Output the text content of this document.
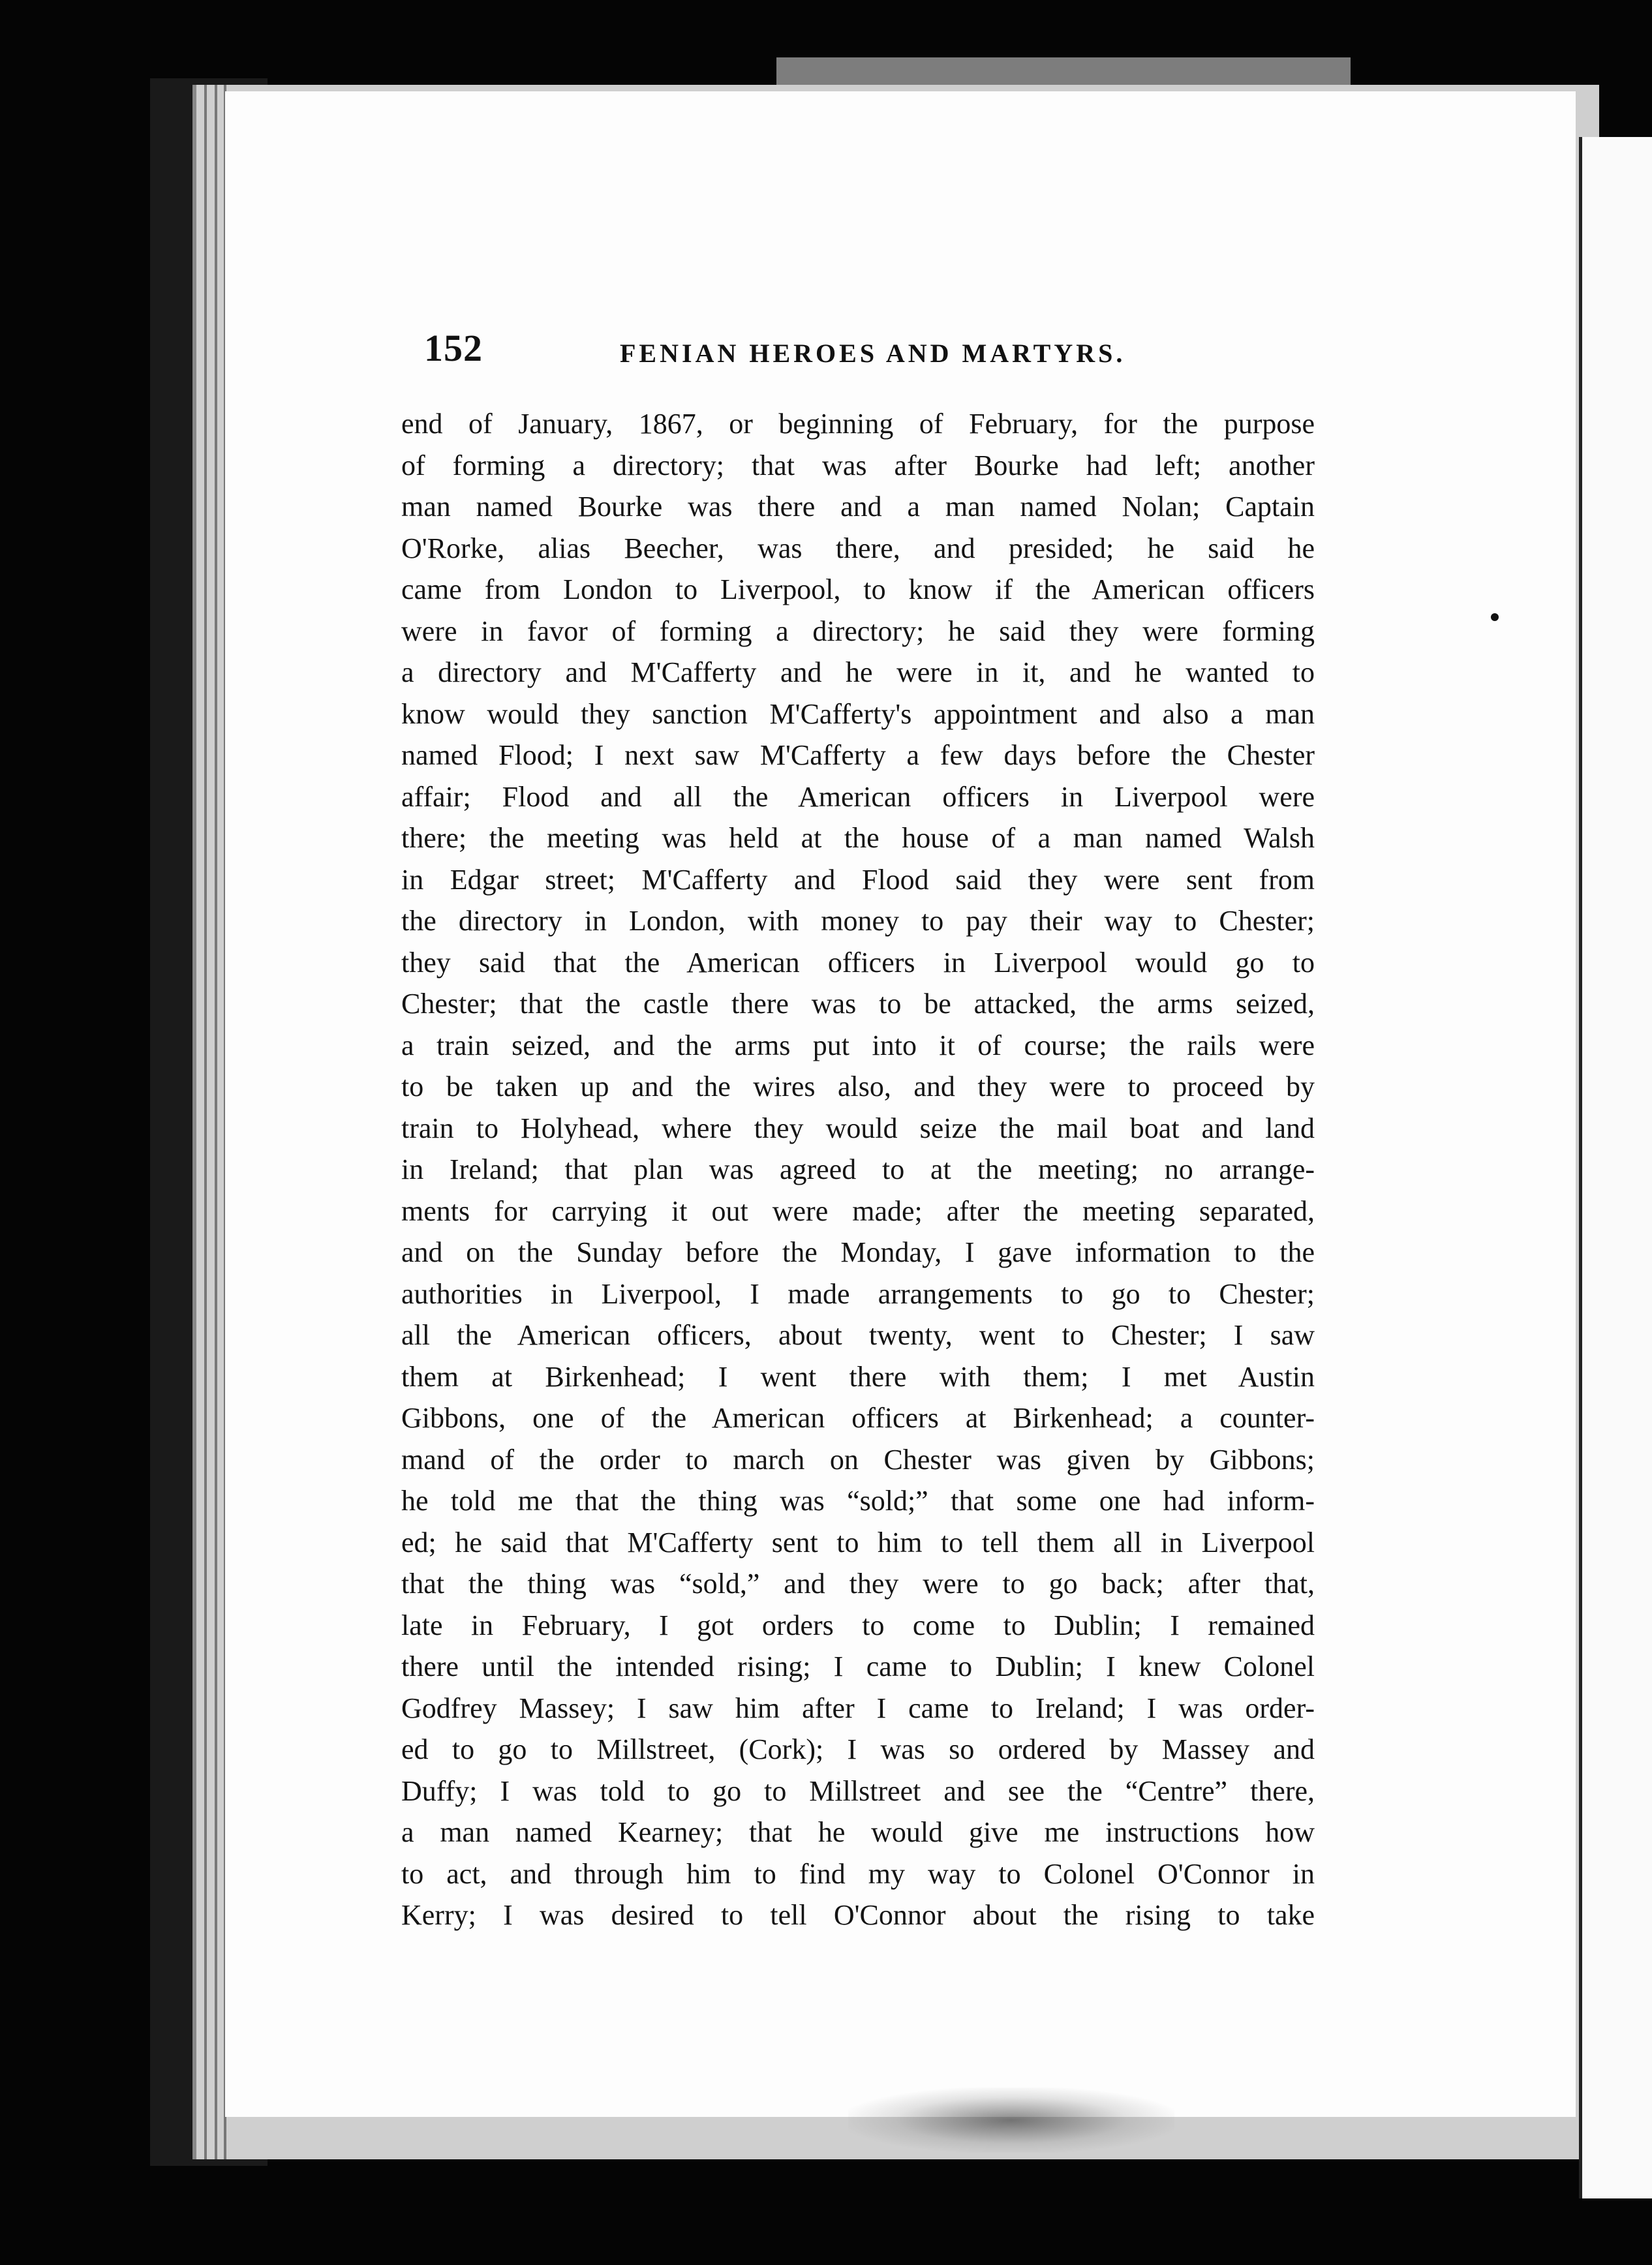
152	FENIAN HEROES AND MARTYRS.
end of January, 1867, or beginning of February, for the purpose
of forming a directory; that was after Bourke had left; another
man named Bourke was there and a man named Nolan; Captain
O'Rorke, alias Beecher, was there, and presided; he said he
came from London to Liverpool, to know if the American officers
were in favor of forming a directory; he said they were forming
a directory and M'Cafferty and he were in it, and he wanted to
know would they sanction M'Cafferty's appointment and also a man
named Flood; I next saw M'Cafferty a few days before the Chester
affair; Flood and all the American officers in Liverpool were
there; the meeting was held at the house of a man named Walsh
in Edgar street; M'Cafferty and Flood said they were sent from
the directory in London, with money to pay their way to Chester;
they said that the American officers in Liverpool would go to
Chester; that the castle there was to be attacked, the arms seized,
a train seized, and the arms put into it of course; the rails were
to be taken up and the wires also, and they were to proceed by
train to Holyhead, where they would seize the mail boat and land
in Ireland; that plan was agreed to at the meeting; no arrange-
ments for carrying it out were made; after the meeting separated,
and on the Sunday before the Monday, I gave information to the
authorities in Liverpool, I made arrangements to go to Chester;
all the American officers, about twenty, went to Chester; I saw
them at Birkenhead; I went there with them; I met Austin
Gibbons, one of the American officers at Birkenhead; a counter-
mand of the order to march on Chester was given by Gibbons;
he told me that the thing was “sold;” that some one had inform-
ed; he said that M'Cafferty sent to him to tell them all in Liverpool
that the thing was “sold,” and they were to go back; after that,
late in February, I got orders to come to Dublin; I remained
there until the intended rising; I came to Dublin; I knew Colonel
Godfrey Massey; I saw him after I came to Ireland; I was order-
ed to go to Millstreet, (Cork); I was so ordered by Massey and
Duffy; I was told to go to Millstreet and see the “Centre” there,
a man named Kearney; that he would give me instructions how
to act, and through him to find my way to Colonel O'Connor in
Kerry; I was desired to tell O'Connor about the rising to take
